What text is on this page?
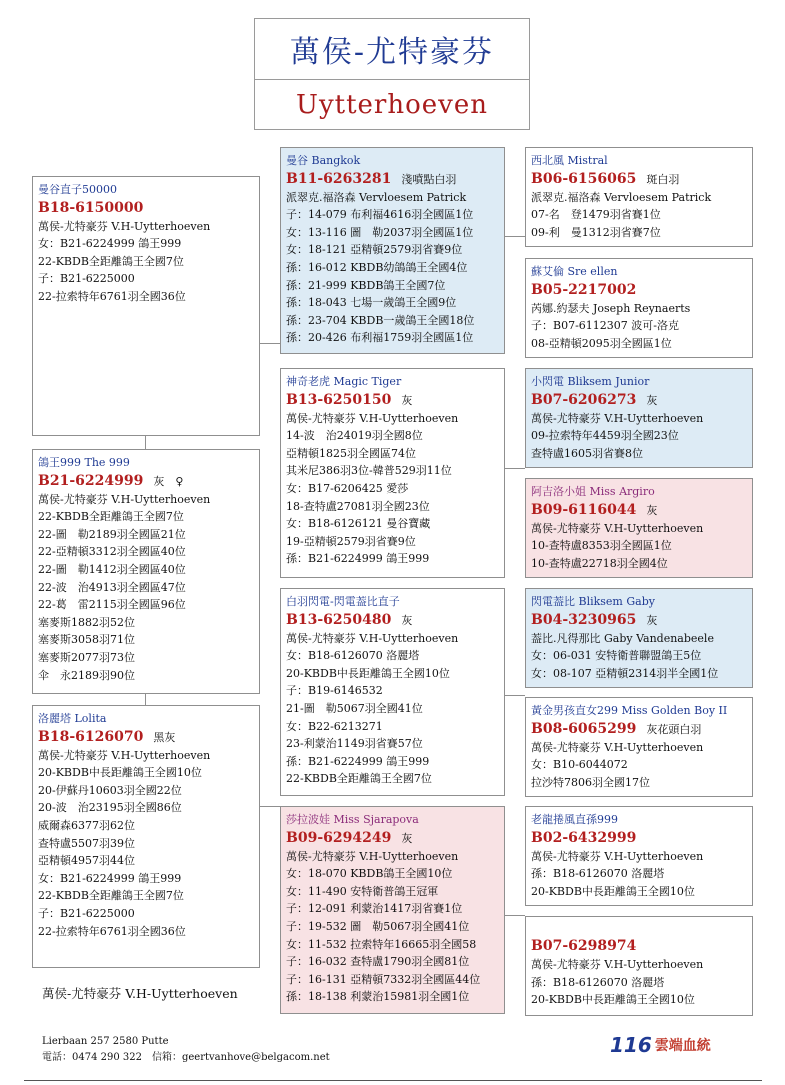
萬侯-尤特豪芬
Uytterhoeven
曼谷直子50000
B18-6150000
萬侯-尤特豪芬 V.H-Uytterhoeven
女：B21-6224999 鴿王999
22-KBDB全距離鴿王全國7位
子：B21-6225000
22-拉索特年6761羽全國36位
鴿王999 The 999
B21-6224999 灰　♀
萬侯-尤特豪芬 V.H-Uytterhoeven
22-KBDB全距離鴿王全國7位
22-圖　勒2189羽全國區21位
22-亞精頓3312羽全國區40位
22-圖　勒1412羽全國區40位
22-波　治4913羽全國區47位
22-葛　雷2115羽全國區96位
塞麥斯1882羽52位
塞麥斯3058羽71位
塞麥斯2077羽73位
伞　永2189羽90位
洛麗塔 Lolita
B18-6126070 黑灰
萬侯-尤特豪芬 V.H-Uytterhoeven
20-KBDB中長距離鴿王全國10位
20-伊蘇丹10603羽全國22位
20-波　治23195羽全國86位
威爾森6377羽62位
查特盧5507羽39位
亞精頓4957羽44位
女：B21-6224999 鴿王999
22-KBDB全距離鴿王全國7位
子：B21-6225000
22-拉索特年6761羽全國36位
曼谷 Bangkok
B11-6263281 淺噴點白羽
派翠克.福洛森 Vervloesem Patrick
子：14-079 布利福4616羽全國區1位
女：13-116 圖　勒2037羽全國區1位
女：18-121 亞精頓2579羽省賽9位
孫：16-012 KBDB幼鴿鴿王全國4位
孫：21-999 KBDB鴿王全國7位
孫：18-043 七場一歲鴿王全國9位
孫：23-704 KBDB一歲鴿王全國18位
孫：20-426 布利福1759羽全國區1位
神奇老虎 Magic Tiger
B13-6250150 灰
萬侯-尤特豪芬 V.H-Uytterhoeven
14-波　治24019羽全國8位
亞精頓1825羽全國區74位
其米尼386羽3位-韓普529羽11位
女：B17-6206425 愛莎
18-查特盧27081羽全國23位
女：B18-6126121 曼谷寶藏
19-亞精頓2579羽省賽9位
孫：B21-6224999 鴿王999
白羽閃電-閃電葢比直子
B13-6250480 灰
萬侯-尤特豪芬 V.H-Uytterhoeven
女：B18-6126070 洛麗塔
20-KBDB中長距離鴿王全國10位
子：B19-6146532
21-圖　勒5067羽全國41位
女：B22-6213271
23-利蒙治1149羽省賽57位
孫：B21-6224999 鴿王999
22-KBDB全距離鴿王全國7位
莎拉波娃 Miss Sjarapova
B09-6294249 灰
萬侯-尤特豪芬 V.H-Uytterhoeven
女：18-070 KBDB鴿王全國10位
女：11-490 安特衛普鴿王冠軍
子：12-091 利蒙治1417羽省賽1位
子：19-532 圖　勒5067羽全國41位
女：11-532 拉索特年16665羽全國58
子：16-032 查特盧1790羽全國81位
子：16-131 亞精頓7332羽全國區44位
孫：18-138 利蒙治15981羽全國1位
西北風 Mistral
B06-6156065 斑白羽
派翠克.福洛森 Vervloesem Patrick
07-名　登1479羽省賽1位
09-利　曼1312羽省賽7位
蘇艾倫 Sre ellen
B05-2217002
芮娜.約瑟夫 Joseph Reynaerts
子：B07-6112307 波可-洛克
08-亞精頓2095羽全國區1位
小閃電 Bliksem Junior
B07-6206273 灰
萬侯-尤特豪芬 V.H-Uytterhoeven
09-拉索特年4459羽全國23位
查特盧1605羽省賽8位
阿吉洛小姐 Miss Argiro
B09-6116044 灰
萬侯-尤特豪芬 V.H-Uytterhoeven
10-查特盧8353羽全國區1位
10-查特盧22718羽全國4位
閃電葢比 Bliksem Gaby
B04-3230965 灰
葢比.凡得那比 Gaby Vandenabeele
女：06-031 安特衛普聯盟鴿王5位
女：08-107 亞精頓2314羽半全國1位
黃金男孩直女299 Miss Golden Boy II
B08-6065299 灰花頭白羽
萬侯-尤特豪芬 V.H-Uytterhoeven
女：B10-6044072
拉沙特7806羽全國17位
老龍捲風直孫999
B02-6432999
萬侯-尤特豪芬 V.H-Uytterhoeven
孫：B18-6126070 洛麗塔
20-KBDB中長距離鴿王全國10位
B07-6298974
萬侯-尤特豪芬 V.H-Uytterhoeven
孫：B18-6126070 洛麗塔
20-KBDB中長距離鴿王全國10位
萬侯-尤特豪芬 V.H-Uytterhoeven
Lierbaan 257 2580 Putte
電話：0474 290 322　信箱：geertvanhove@belgacom.net
116 雲端血統
